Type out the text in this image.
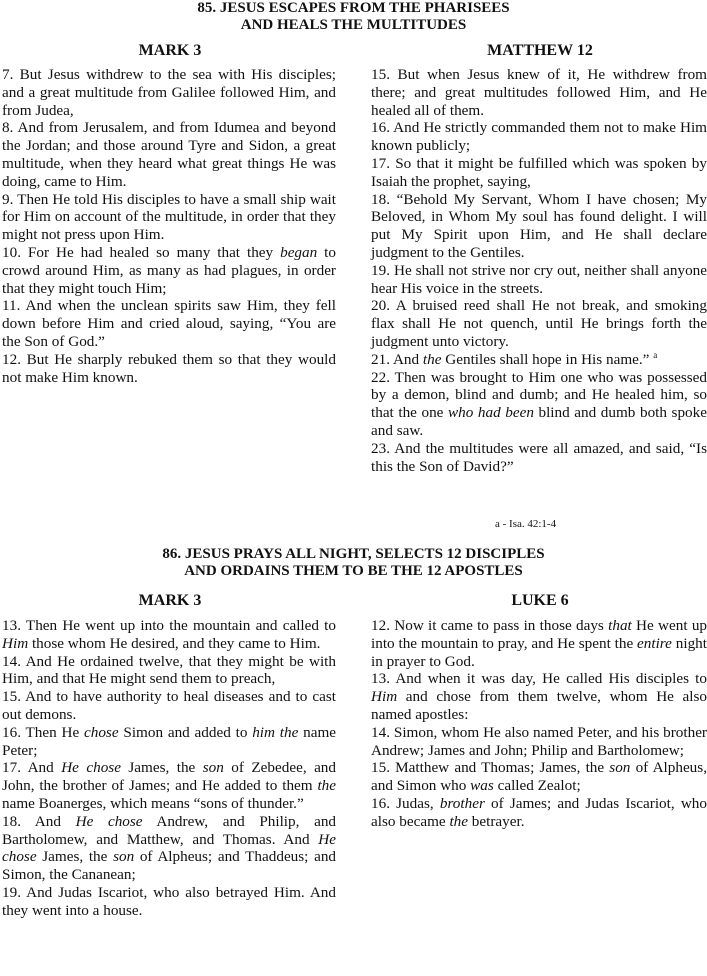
85. JESUS ESCAPES FROM THE PHARISEES
AND HEALS THE MULTITUDES
MARK 3	MATTHEW 12

7. But Jesus withdrew to the sea with His disciples; and a great multitude from Galilee followed Him, and from Judea,

8. And from Jerusalem, and from Idumea and beyond the Jordan; and those around Tyre and Sidon, a great multitude, when they heard what great things He was doing, came to Him.

9. Then He told His disciples to have a small ship wait for Him on account of the multitude, in order that they might not press upon Him.

10. For He had healed so many that they began to crowd around Him, as many as had plagues, in order that they might touch Him;

11. And when the unclean spirits saw Him, they fell down before Him and cried aloud, saying, “You are the Son of God.”

12. But He sharply rebuked them so that they would not make Him known.

15. But when Jesus knew of it, He withdrew from there; and great multitudes followed Him, and He healed all of them.

16. And He strictly commanded them not to make Him known publicly;

17. So that it might be fulfilled which was spoken by Isaiah the prophet, saying,

18. “Behold My Servant, Whom I have chosen; My Beloved, in Whom My soul has found delight. I will put My Spirit upon Him, and He shall declare judgment to the Gentiles.

19. He shall not strive nor cry out, neither shall anyone hear His voice in the streets.

20. A bruised reed shall He not break, and smoking flax shall He not quench, until He brings forth the judgment unto victory.

21. And the Gentiles shall hope in His name.” $^a$

22. Then was brought to Him one who was possessed by a demon, blind and dumb; and He healed him, so that the one who had been blind and dumb both spoke and saw.

23. And the multitudes were all amazed, and said, “Is this the Son of David?”

a - Isa. 42:1-4
86. JESUS PRAYS ALL NIGHT, SELECTS 12 DISCIPLES
AND ORDAINS THEM TO BE THE 12 APOSTLES
MARK 3	LUKE 6

13. Then He went up into the mountain and called to Him those whom He desired, and they came to Him.

14. And He ordained twelve, that they might be with Him, and that He might send them to preach,

15. And to have authority to heal diseases and to cast out demons.

16. Then He chose Simon and added to him the name Peter;

17. And He chose James, the son of Zebedee, and John, the brother of James; and He added to them the name Boanerges, which means “sons of thunder.”

18. And He chose Andrew, and Philip, and Bartholomew, and Matthew, and Thomas. And He chose James, the son of Alpheus; and Thaddeus; and Simon, the Cananean;

19. And Judas Iscariot, who also betrayed Him. And they went into a house.

12. Now it came to pass in those days that He went up into the mountain to pray, and He spent the entire night in prayer to God.

13. And when it was day, He called His disciples to Him and chose from them twelve, whom He also named apostles:

14. Simon, whom He also named Peter, and his brother Andrew; James and John; Philip and Bartholomew;

15. Matthew and Thomas; James, the son of Alpheus, and Simon who was called Zealot;

16. Judas, brother of James; and Judas Iscariot, who also became the betrayer.
